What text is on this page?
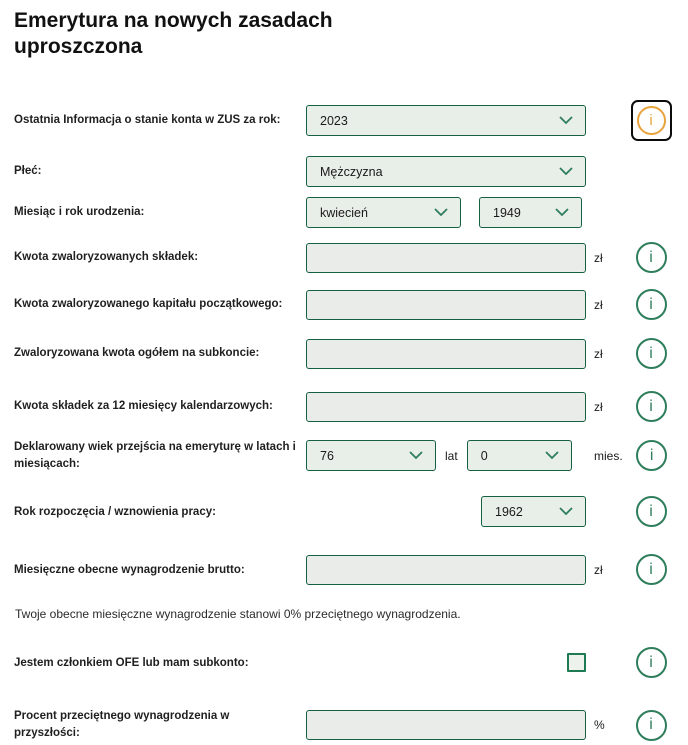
Emerytura na nowych zasadach uproszczona
Ostatnia Informacja o stanie konta w ZUS za rok:	2023	i
Płeć:	Mężczyzna
Miesiąc i rok urodzenia:	kwiecień	1949
Kwota zwaloryzowanych składek:	zł	i
Kwota zwaloryzowanego kapitału początkowego:	zł	i
Zwaloryzowana kwota ogółem na subkoncie:	zł	i
Kwota składek za 12 miesięcy kalendarzowych:	zł	i
Deklarowany wiek przejścia na emeryturę w latach i miesiącach:
76	lat	0	mies.	i
Rok rozpoczęcia / wznowienia pracy:	1962	i
Miesięczne obecne wynagrodzenie brutto:	zł	i
Twoje obecne miesięczne wynagrodzenie stanowi 0% przeciętnego wynagrodzenia.
Jestem członkiem OFE lub mam subkonto:	i
Procent przeciętnego wynagrodzenia w przyszłości:
%	i
